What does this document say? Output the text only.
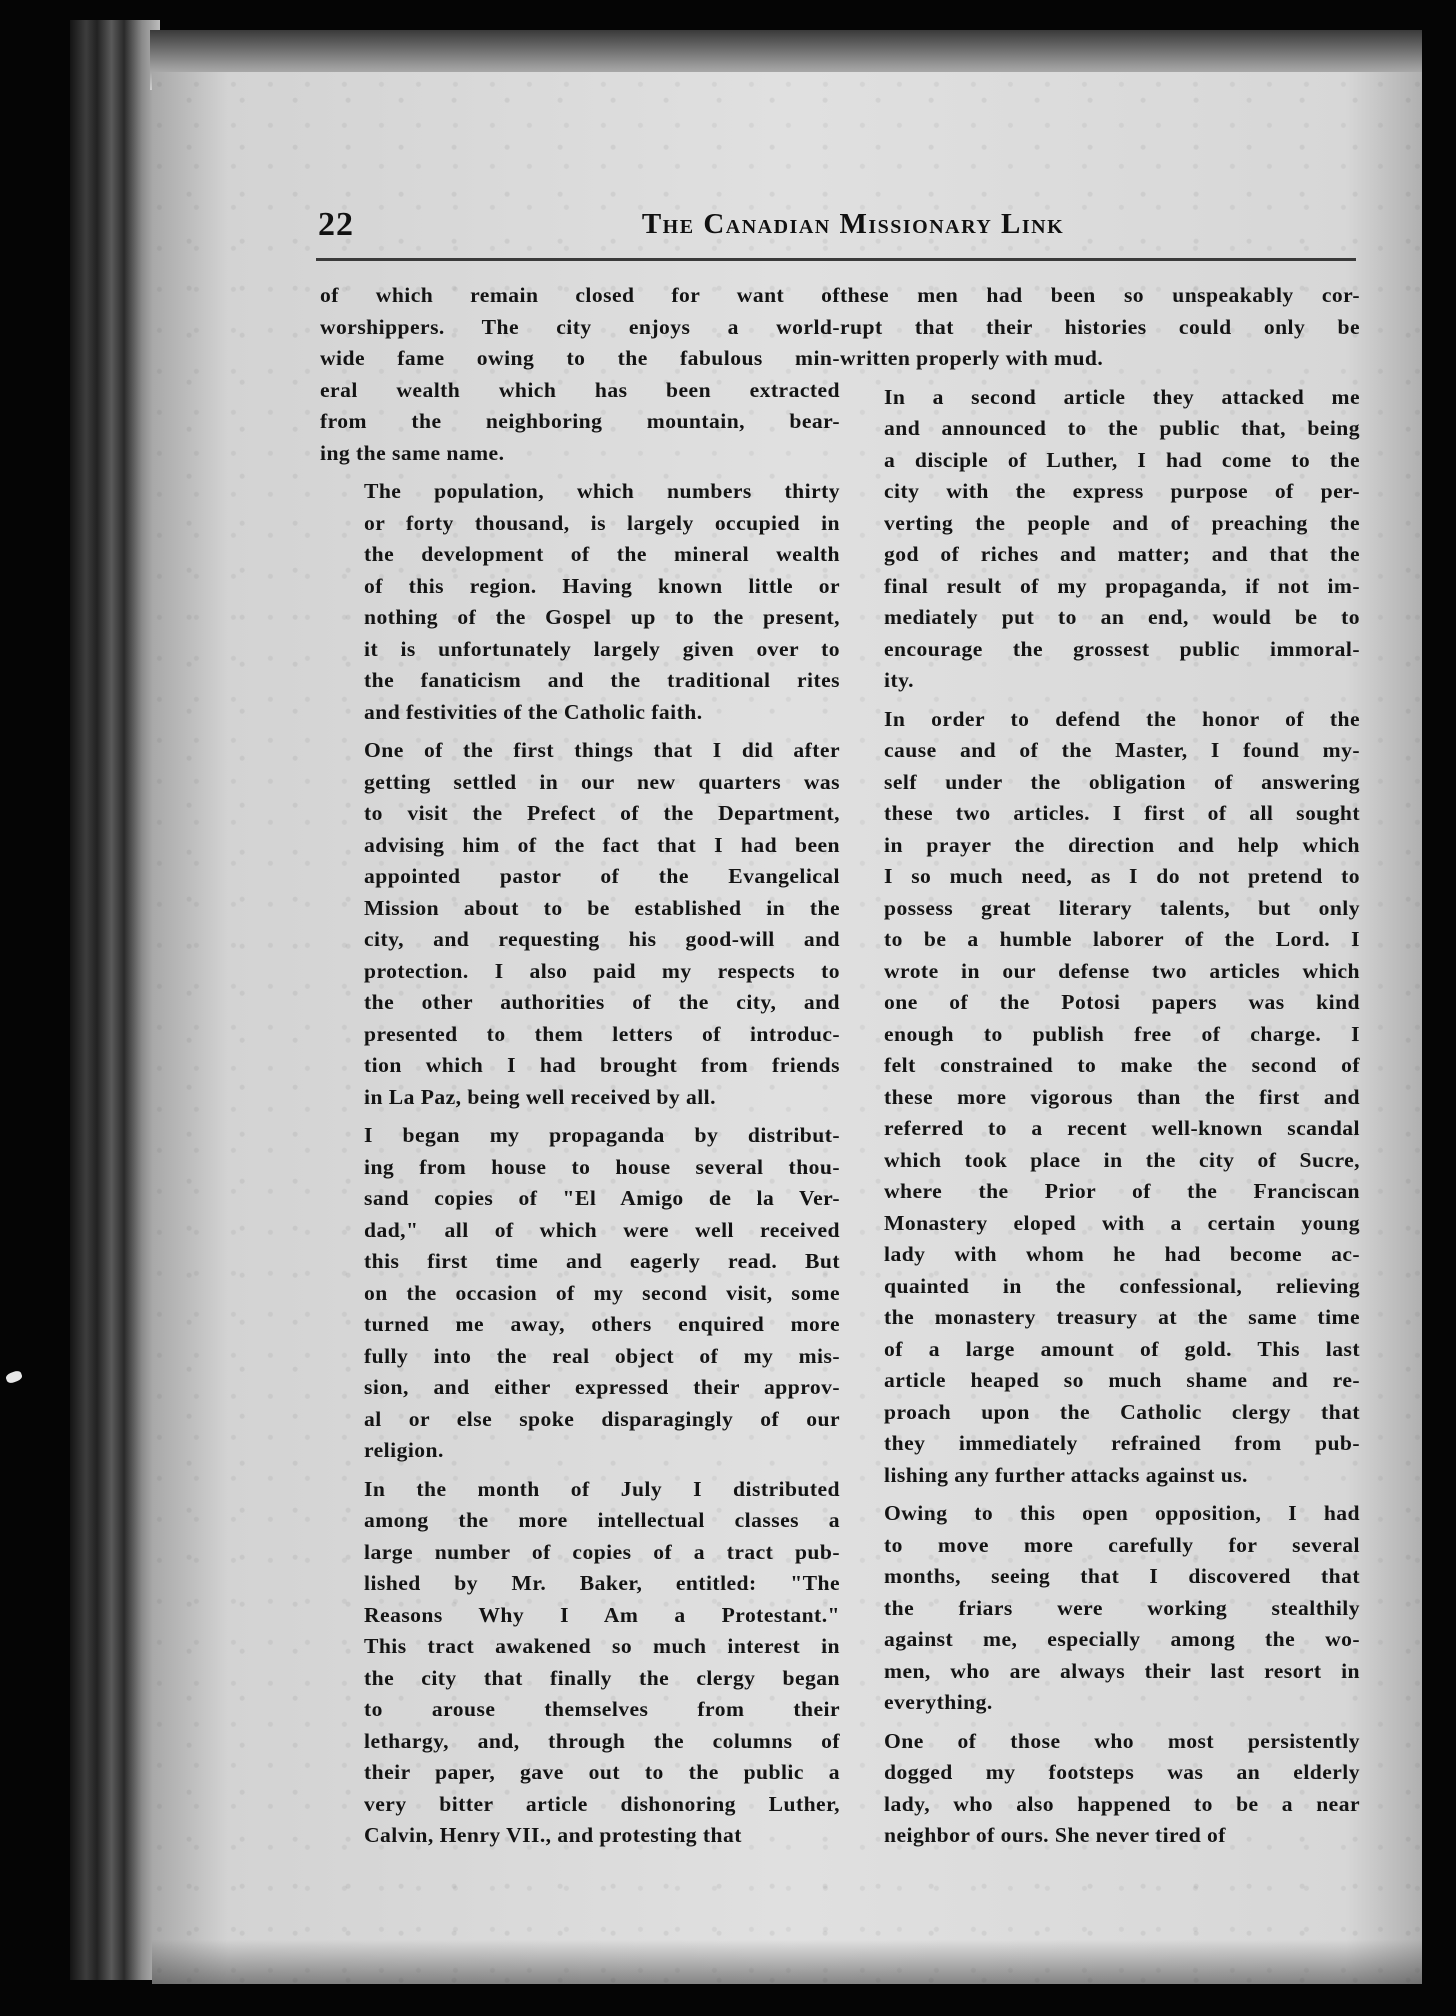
22	The Canadian Missionary Link

of which remain closed for want of
worshippers. The city enjoys a world-
wide fame owing to the fabulous min-
eral wealth which has been extracted
from the neighboring mountain, bear-
ing the same name.

The population, which numbers thirty
or forty thousand, is largely occupied in
the development of the mineral wealth
of this region. Having known little or
nothing of the Gospel up to the present,
it is unfortunately largely given over to
the fanaticism and the traditional rites
and festivities of the Catholic faith.

One of the first things that I did after
getting settled in our new quarters was
to visit the Prefect of the Department,
advising him of the fact that I had been
appointed pastor of the Evangelical
Mission about to be established in the
city, and requesting his good-will and
protection. I also paid my respects to
the other authorities of the city, and
presented to them letters of introduc-
tion which I had brought from friends
in La Paz, being well received by all.

I began my propaganda by distribut-
ing from house to house several thou-
sand copies of "El Amigo de la Ver-
dad," all of which were well received
this first time and eagerly read. But
on the occasion of my second visit, some
turned me away, others enquired more
fully into the real object of my mis-
sion, and either expressed their approv-
al or else spoke disparagingly of our
religion.

In the month of July I distributed
among the more intellectual classes a
large number of copies of a tract pub-
lished by Mr. Baker, entitled: "The
Reasons Why I Am a Protestant."
This tract awakened so much interest in
the city that finally the clergy began
to arouse themselves from their
lethargy, and, through the columns of
their paper, gave out to the public a
very bitter article dishonoring Luther,
Calvin, Henry VII., and protesting that

these men had been so unspeakably cor-
rupt that their histories could only be
written properly with mud.

In a second article they attacked me
and announced to the public that, being
a disciple of Luther, I had come to the
city with the express purpose of per-
verting the people and of preaching the
god of riches and matter; and that the
final result of my propaganda, if not im-
mediately put to an end, would be to
encourage the grossest public immoral-
ity.

In order to defend the honor of the
cause and of the Master, I found my-
self under the obligation of answering
these two articles. I first of all sought
in prayer the direction and help which
I so much need, as I do not pretend to
possess great literary talents, but only
to be a humble laborer of the Lord. I
wrote in our defense two articles which
one of the Potosi papers was kind
enough to publish free of charge. I
felt constrained to make the second of
these more vigorous than the first and
referred to a recent well-known scandal
which took place in the city of Sucre,
where the Prior of the Franciscan
Monastery eloped with a certain young
lady with whom he had become ac-
quainted in the confessional, relieving
the monastery treasury at the same time
of a large amount of gold. This last
article heaped so much shame and re-
proach upon the Catholic clergy that
they immediately refrained from pub-
lishing any further attacks against us.

Owing to this open opposition, I had
to move more carefully for several
months, seeing that I discovered that
the friars were working stealthily
against me, especially among the wo-
men, who are always their last resort in
everything.

One of those who most persistently
dogged my footsteps was an elderly
lady, who also happened to be a near
neighbor of ours. She never tired of
